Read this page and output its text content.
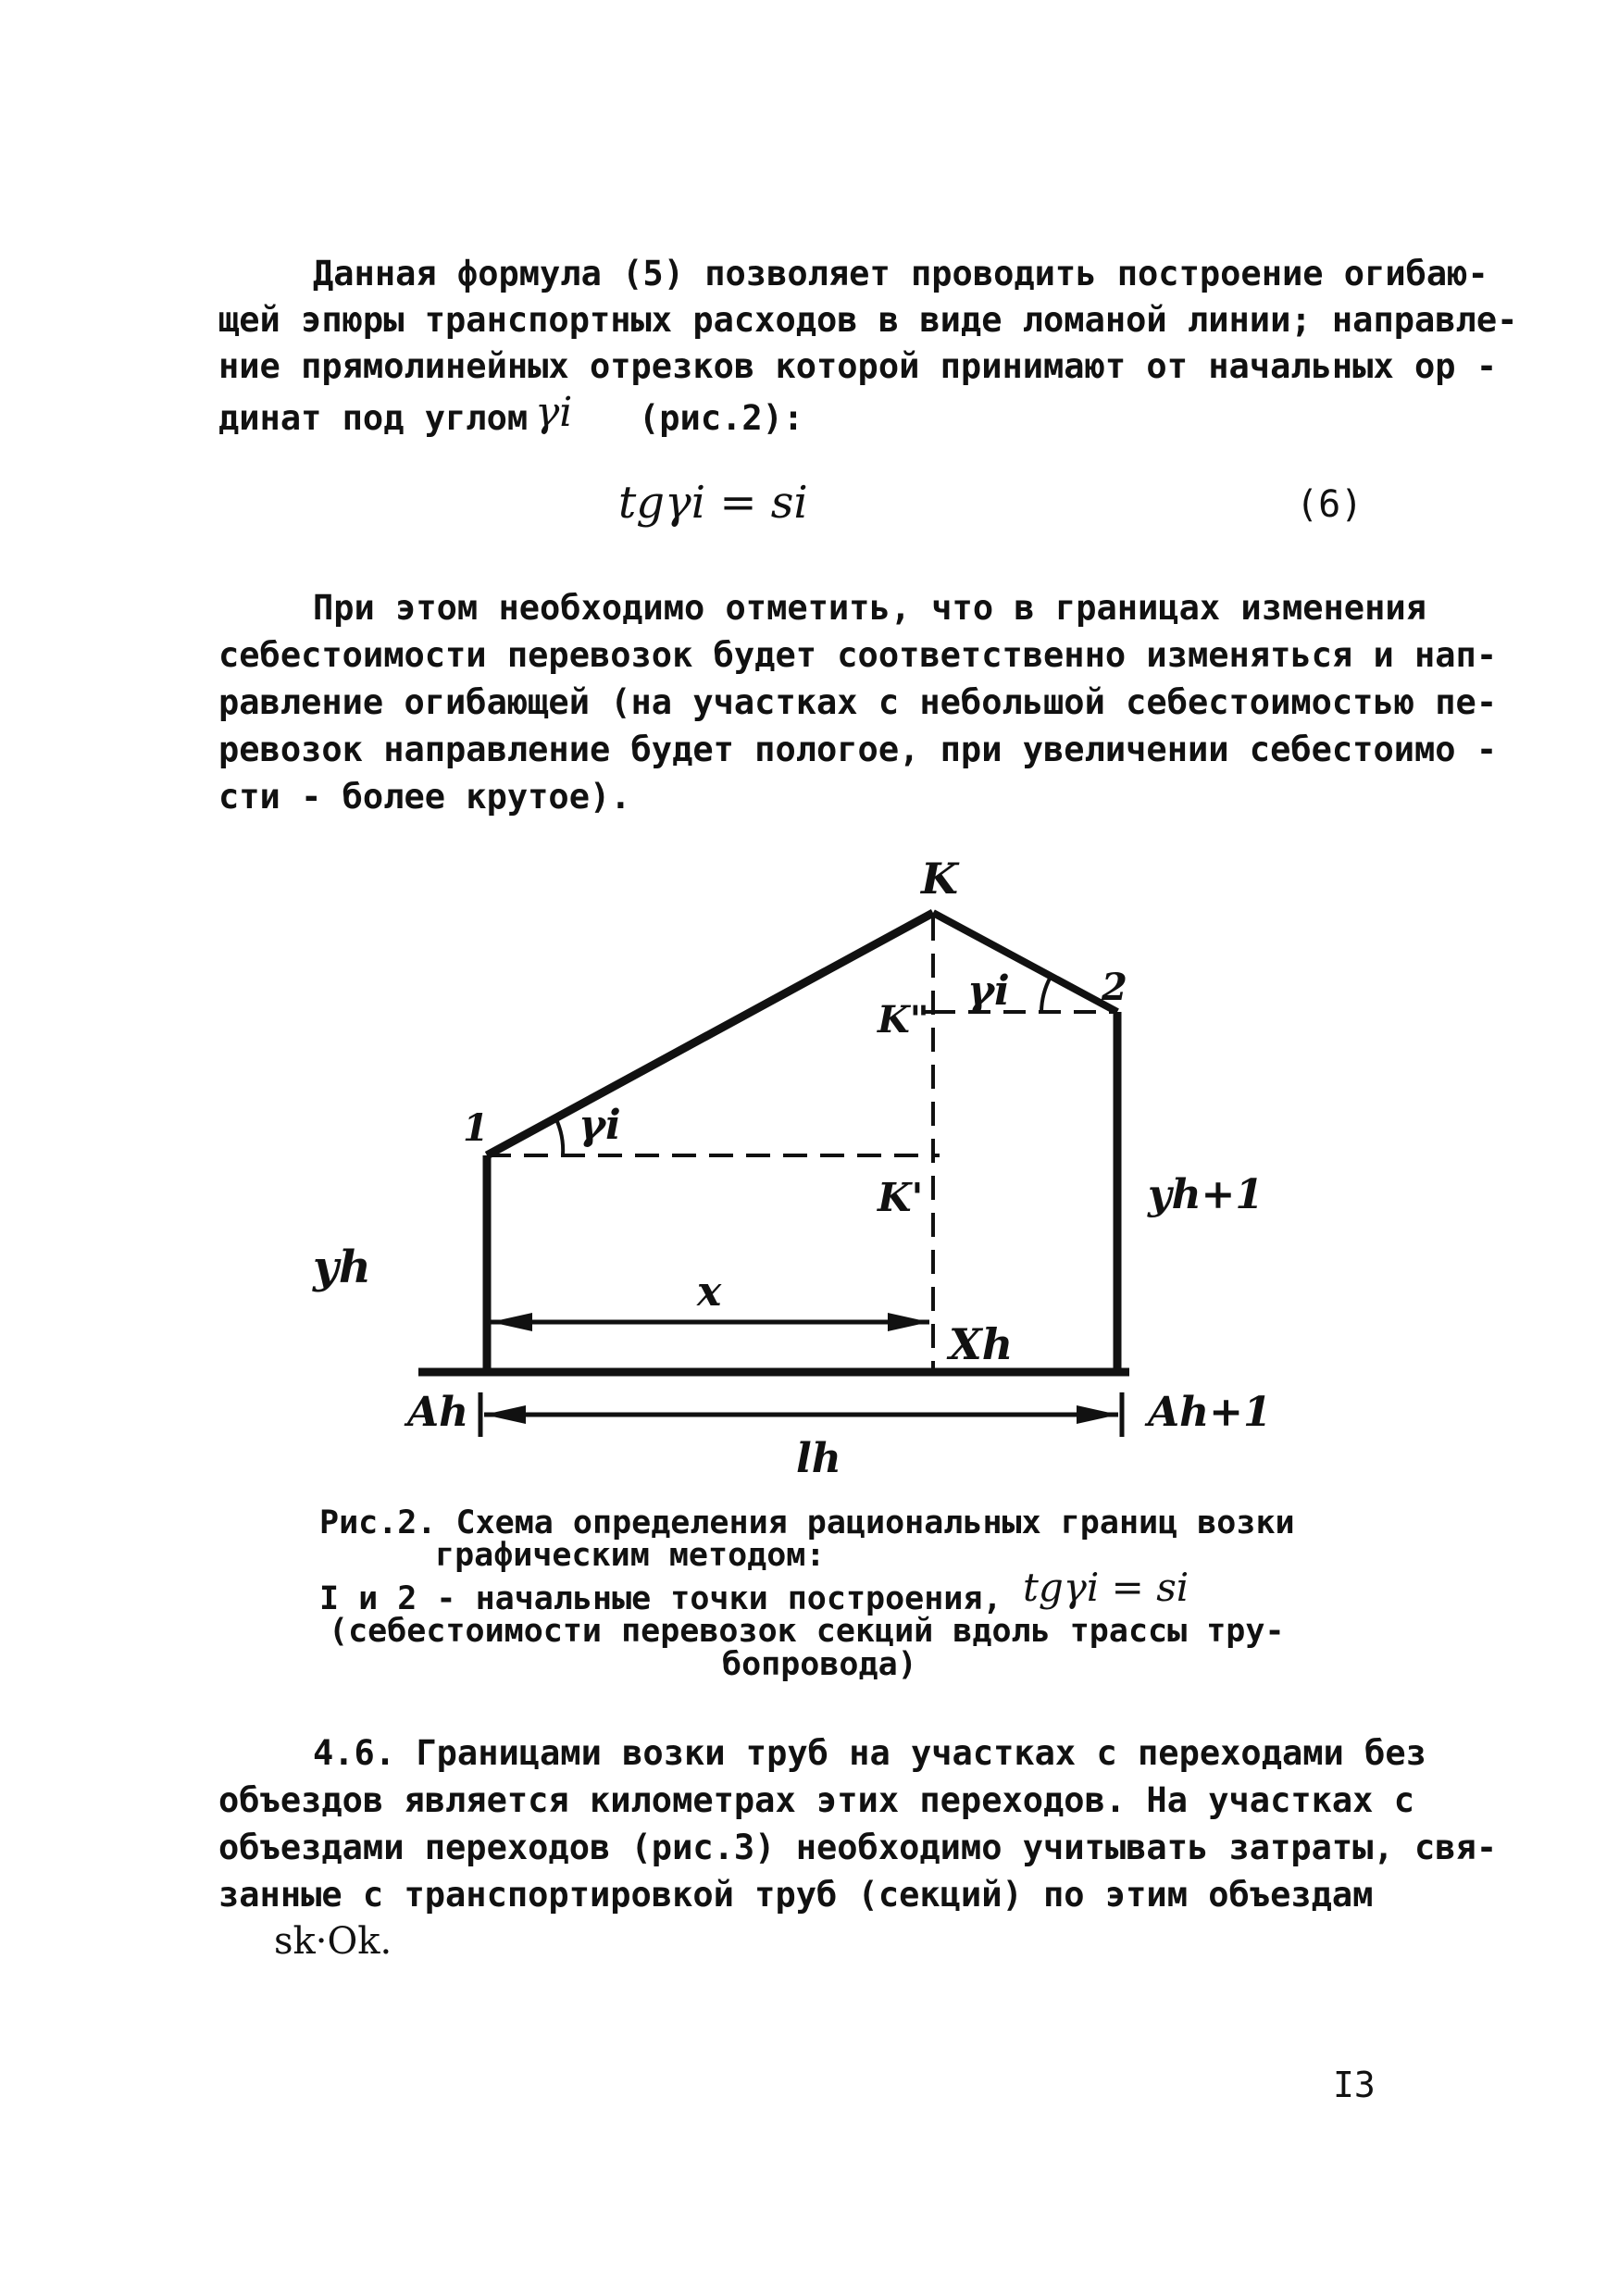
Данная формула (5) позволяет проводить построение огибаю-
щей эпюры транспортных расходов в виде ломаной линии; направле-
ние прямолинейных отрезков которой принимают от начальных ор -
динат под углом γi (рис.2):
tgγi = si	(6)
При этом необходимо отметить, что в границах изменения
себестоимости перевозок будет соответственно изменяться и нап-
равление огибающей (на участках с небольшой себестоимостью пе-
ревозок направление будет пологое, при увеличении себестоимо -
сти - более крутое).
K
2
1
K"
K'
γi
γi
yh+1
yh	x
Xh
Ah	Ah+1
lh
Рис.2. Схема определения рациональных границ возки
графическим методом:
I и 2 - начальные точки построения, tgγi = si
(себестоимости перевозок секций вдоль трассы тру-
бопровода)
4.6. Границами возки труб на участках с переходами без
объездов является километрах этих переходов. На участках с
объездами переходов (рис.3) необходимо учитывать затраты, свя-
занные с транспортировкой труб (секций) по этим объездам
sk·Ok.
I3
